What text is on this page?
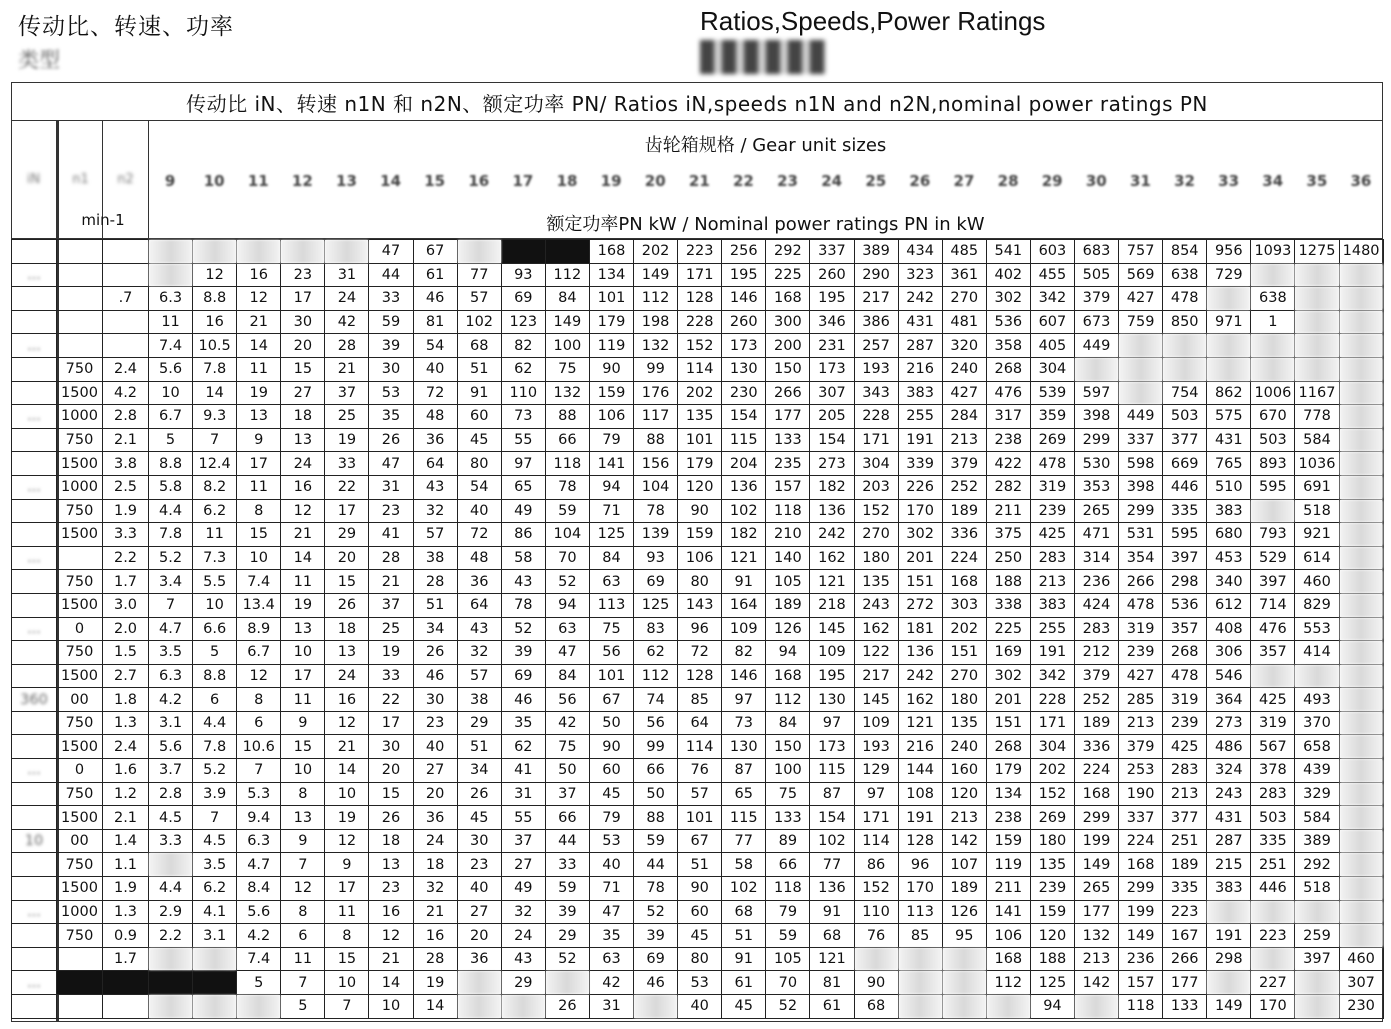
传动比、转速、功率
类型
Ratios,Speeds,Power Ratings
传动比 iN、转速 n1N 和 n2N、额定功率 PN/ Ratios iN,speeds n1N and n2N,nominal power ratings PN
齿轮箱规格 / Gear unit sizes
额定功率PN kW / Nominal power ratings PN in kW
min-1
iN	n1	n2	9	10	11	12	13	14	15	16	17	18	19	20	21	22	23	24	25	26	27	28	29	30	31	32	33	34	35	36
								47	67				168	202	223	256	292	337	389	434	485	541	603	683	757	854	956	1093	1275	1480
...				12	16	23	31	44	61	77	93	112	134	149	171	195	225	260	290	323	361	402	455	505	569	638	729			
		.7	6.3	8.8	12	17	24	33	46	57	69	84	101	112	128	146	168	195	217	242	270	302	342	379	427	478		638		
			11	16	21	30	42	59	81	102	123	149	179	198	228	260	300	346	386	431	481	536	607	673	759	850	971	1		
...			7.4	10.5	14	20	28	39	54	68	82	100	119	132	152	173	200	231	257	287	320	358	405	449						
	750	2.4	5.6	7.8	11	15	21	30	40	51	62	75	90	99	114	130	150	173	193	216	240	268	304							
	1500	4.2	10	14	19	27	37	53	72	91	110	132	159	176	202	230	266	307	343	383	427	476	539	597		754	862	1006	1167	
...	1000	2.8	6.7	9.3	13	18	25	35	48	60	73	88	106	117	135	154	177	205	228	255	284	317	359	398	449	503	575	670	778	
	750	2.1	5	7	9	13	19	26	36	45	55	66	79	88	101	115	133	154	171	191	213	238	269	299	337	377	431	503	584	
	1500	3.8	8.8	12.4	17	24	33	47	64	80	97	118	141	156	179	204	235	273	304	339	379	422	478	530	598	669	765	893	1036	
...	1000	2.5	5.8	8.2	11	16	22	31	43	54	65	78	94	104	120	136	157	182	203	226	252	282	319	353	398	446	510	595	691	
	750	1.9	4.4	6.2	8	12	17	23	32	40	49	59	71	78	90	102	118	136	152	170	189	211	239	265	299	335	383		518	
	1500	3.3	7.8	11	15	21	29	41	57	72	86	104	125	139	159	182	210	242	270	302	336	375	425	471	531	595	680	793	921	
...		2.2	5.2	7.3	10	14	20	28	38	48	58	70	84	93	106	121	140	162	180	201	224	250	283	314	354	397	453	529	614	
	750	1.7	3.4	5.5	7.4	11	15	21	28	36	43	52	63	69	80	91	105	121	135	151	168	188	213	236	266	298	340	397	460	
	1500	3.0	7	10	13.4	19	26	37	51	64	78	94	113	125	143	164	189	218	243	272	303	338	383	424	478	536	612	714	829	
...	0	2.0	4.7	6.6	8.9	13	18	25	34	43	52	63	75	83	96	109	126	145	162	181	202	225	255	283	319	357	408	476	553	
	750	1.5	3.5	5	6.7	10	13	19	26	32	39	47	56	62	72	82	94	109	122	136	151	169	191	212	239	268	306	357	414	
	1500	2.7	6.3	8.8	12	17	24	33	46	57	69	84	101	112	128	146	168	195	217	242	270	302	342	379	427	478	546			
360	00	1.8	4.2	6	8	11	16	22	30	38	46	56	67	74	85	97	112	130	145	162	180	201	228	252	285	319	364	425	493	
	750	1.3	3.1	4.4	6	9	12	17	23	29	35	42	50	56	64	73	84	97	109	121	135	151	171	189	213	239	273	319	370	
	1500	2.4	5.6	7.8	10.6	15	21	30	40	51	62	75	90	99	114	130	150	173	193	216	240	268	304	336	379	425	486	567	658	
...	0	1.6	3.7	5.2	7	10	14	20	27	34	41	50	60	66	76	87	100	115	129	144	160	179	202	224	253	283	324	378	439	
	750	1.2	2.8	3.9	5.3	8	10	15	20	26	31	37	45	50	57	65	75	87	97	108	120	134	152	168	190	213	243	283	329	
	1500	2.1	4.5	7	9.4	13	19	26	36	45	55	66	79	88	101	115	133	154	171	191	213	238	269	299	337	377	431	503	584	
10	00	1.4	3.3	4.5	6.3	9	12	18	24	30	37	44	53	59	67	77	89	102	114	128	142	159	180	199	224	251	287	335	389	
	750	1.1		3.5	4.7	7	9	13	18	23	27	33	40	44	51	58	66	77	86	96	107	119	135	149	168	189	215	251	292	
	1500	1.9	4.4	6.2	8.4	12	17	23	32	40	49	59	71	78	90	102	118	136	152	170	189	211	239	265	299	335	383	446	518	
...	1000	1.3	2.9	4.1	5.6	8	11	16	21	27	32	39	47	52	60	68	79	91	110	113	126	141	159	177	199	223				
	750	0.9	2.2	3.1	4.2	6	8	12	16	20	24	29	35	39	45	51	59	68	76	85	95	106	120	132	149	167	191	223	259	
		1.7			7.4	11	15	21	28	36	43	52	63	69	80	91	105	121				168	188	213	236	266	298		397	460
...					5	7	10	14	19		29		42	46	53	61	70	81	90			112	125	142	157	177		227		307
						5	7	10	14			26	31		40	45	52	61	68				94		118	133	149	170		230
